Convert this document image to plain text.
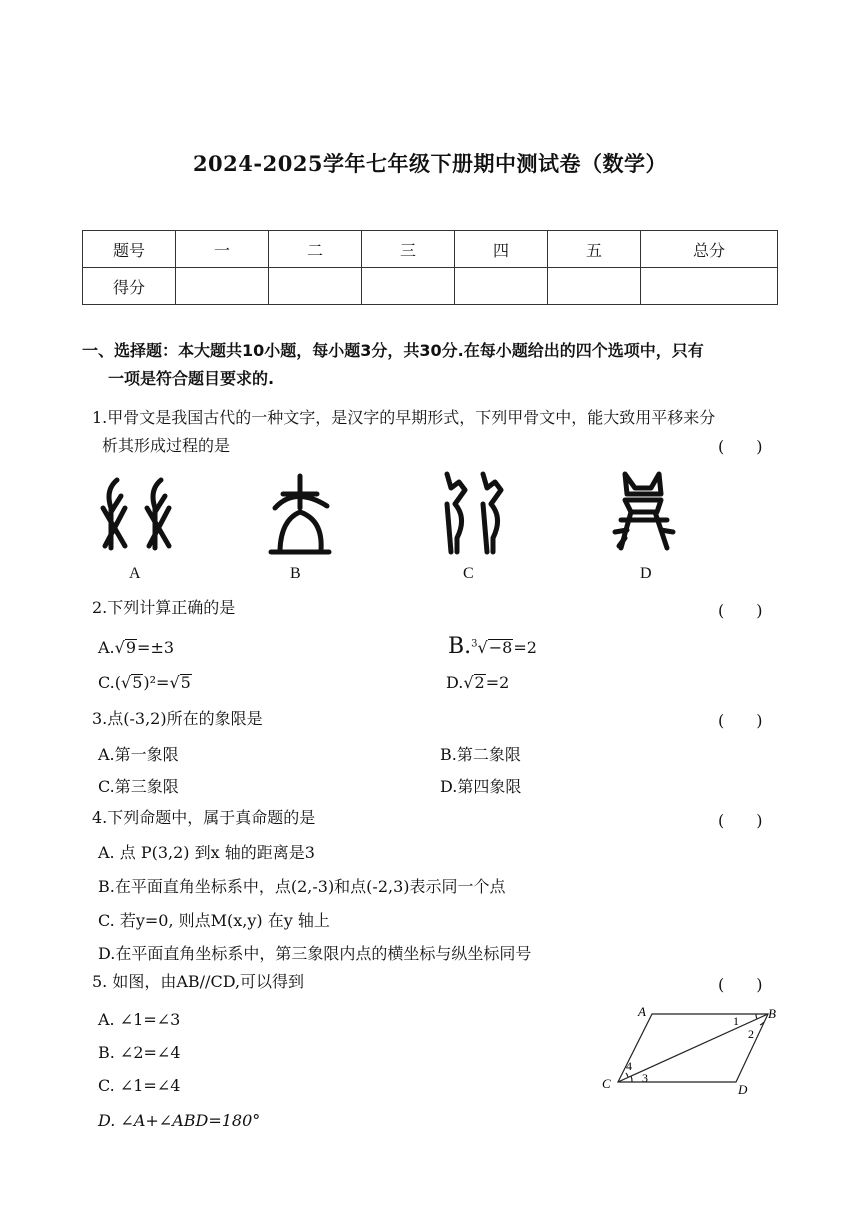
2024-2025学年七年级下册期中测试卷（数学）
题号	一	二	三	四	五	总分
得分						
一、选择题：本大题共10小题，每小题3分，共30分.在每小题给出的四个选项中，只有
一项是符合题目要求的.
1.甲骨文是我国古代的一种文字，是汉字的早期形式，下列甲骨文中，能大致用平移来分
析其形成过程的是	(　　)
A	B	C	D
2.下列计算正确的是	(　　)
A.√9=±3	B.$^3$√−8=2
C.(√5)²=√5	D.√2=2
3.点(-3,2)所在的象限是	(　　)
A.第一象限	B.第二象限
C.第三象限	D.第四象限
4.下列命题中，属于真命题的是	(　　)
A. 点 P(3,2) 到x 轴的距离是3
B.在平面直角坐标系中，点(2,-3)和点(-2,3)表示同一个点
C. 若y=0, 则点M(x,y) 在y 轴上
D.在平面直角坐标系中，第三象限内点的横坐标与纵坐标同号
5. 如图，由AB//CD,可以得到	(　　)
A. ∠1=∠3
B. ∠2=∠4
C. ∠1=∠4
D. ∠A+∠ABD=180°
A	B
C	D
1
2
3
4
